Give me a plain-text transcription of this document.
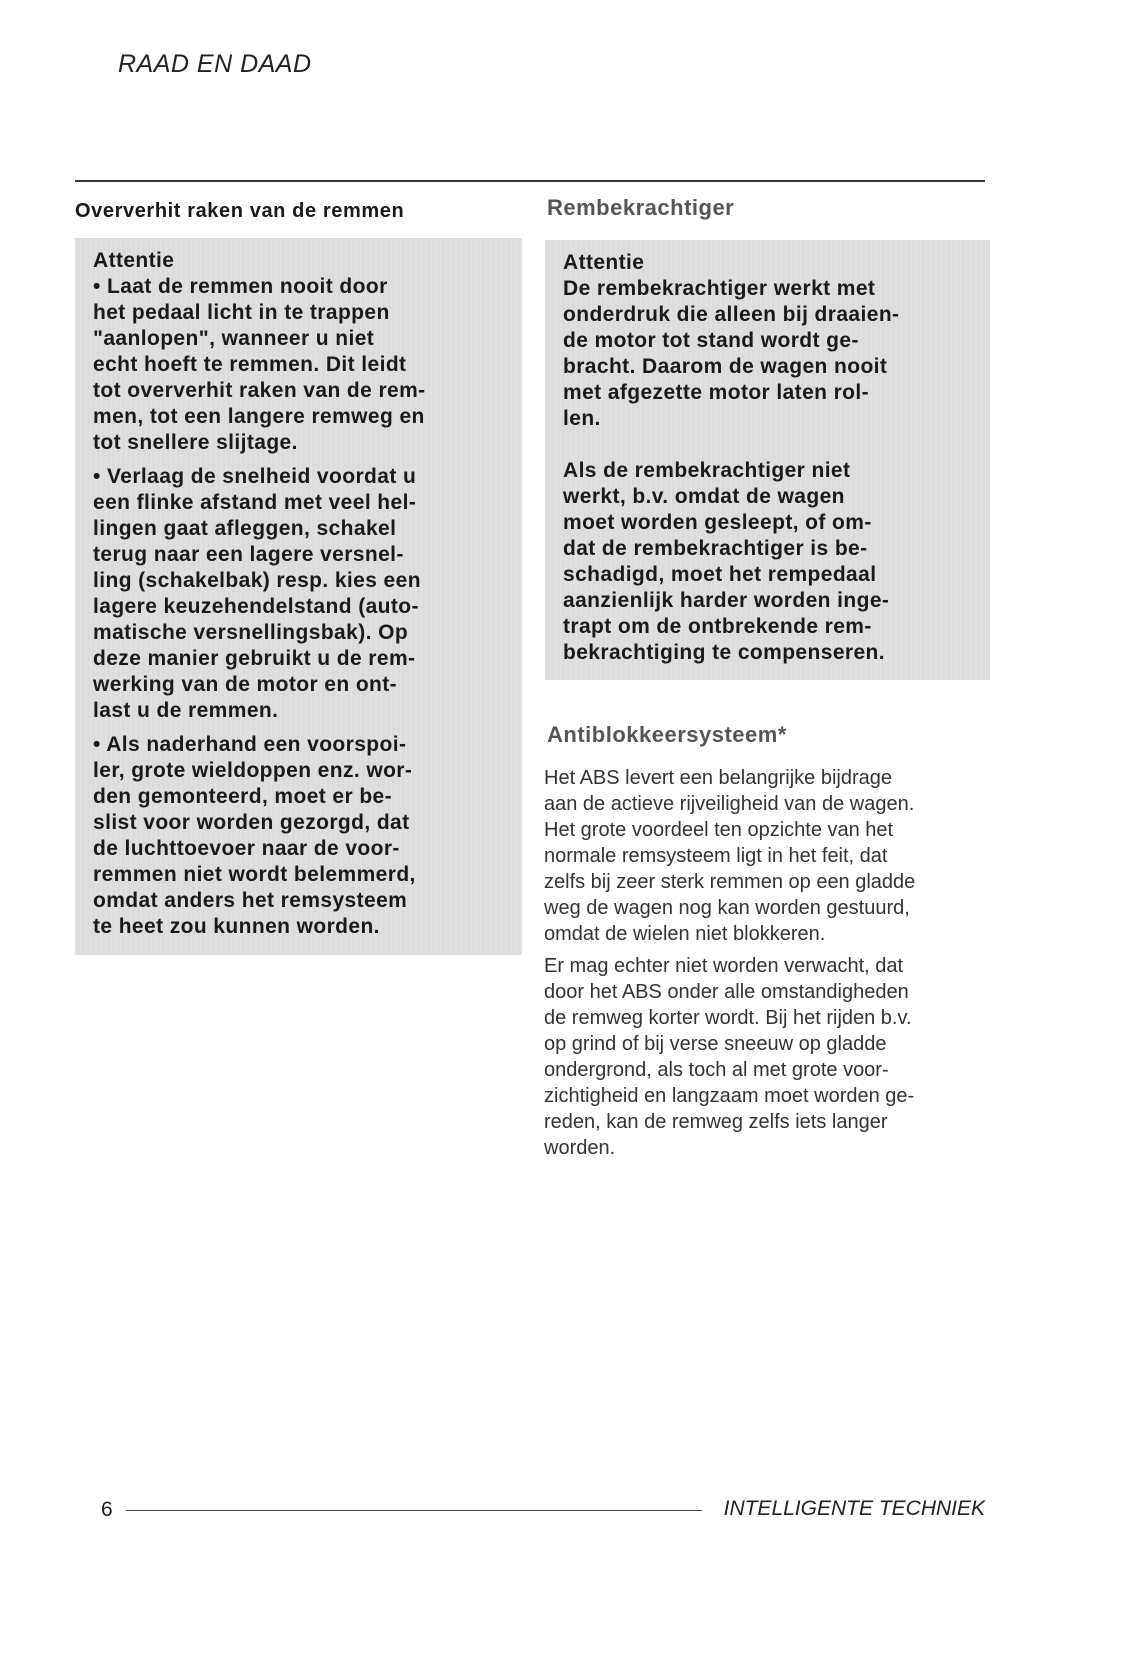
RAAD EN DAAD
Oververhit raken van de remmen
Attentie
• Laat de remmen nooit door
het pedaal licht in te trappen
"aanlopen", wanneer u niet
echt hoeft te remmen. Dit leidt
tot oververhit raken van de rem-
men, tot een langere remweg en
tot snellere slijtage.
• Verlaag de snelheid voordat u
een flinke afstand met veel hel-
lingen gaat afleggen, schakel
terug naar een lagere versnel-
ling (schakelbak) resp. kies een
lagere keuzehendelstand (auto-
matische versnellingsbak). Op
deze manier gebruikt u de rem-
werking van de motor en ont-
last u de remmen.
• Als naderhand een voorspoi-
ler, grote wieldoppen enz. wor-
den gemonteerd, moet er be-
slist voor worden gezorgd, dat
de luchttoevoer naar de voor-
remmen niet wordt belemmerd,
omdat anders het remsysteem
te heet zou kunnen worden.
Rembekrachtiger
Attentie
De rembekrachtiger werkt met
onderdruk die alleen bij draaien-
de motor tot stand wordt ge-
bracht. Daarom de wagen nooit
met afgezette motor laten rol-
len.
Als de rembekrachtiger niet
werkt, b.v. omdat de wagen
moet worden gesleept, of om-
dat de rembekrachtiger is be-
schadigd, moet het rempedaal
aanzienlijk harder worden inge-
trapt om de ontbrekende rem-
bekrachtiging te compenseren.
Antiblokkeersysteem*
Het ABS levert een belangrijke bijdrage
aan de actieve rijveiligheid van de wagen.
Het grote voordeel ten opzichte van het
normale remsysteem ligt in het feit, dat
zelfs bij zeer sterk remmen op een gladde
weg de wagen nog kan worden gestuurd,
omdat de wielen niet blokkeren.
Er mag echter niet worden verwacht, dat
door het ABS onder alle omstandigheden
de remweg korter wordt. Bij het rijden b.v.
op grind of bij verse sneeuw op gladde
ondergrond, als toch al met grote voor-
zichtigheid en langzaam moet worden ge-
reden, kan de remweg zelfs iets langer
worden.
6	INTELLIGENTE TECHNIEK
